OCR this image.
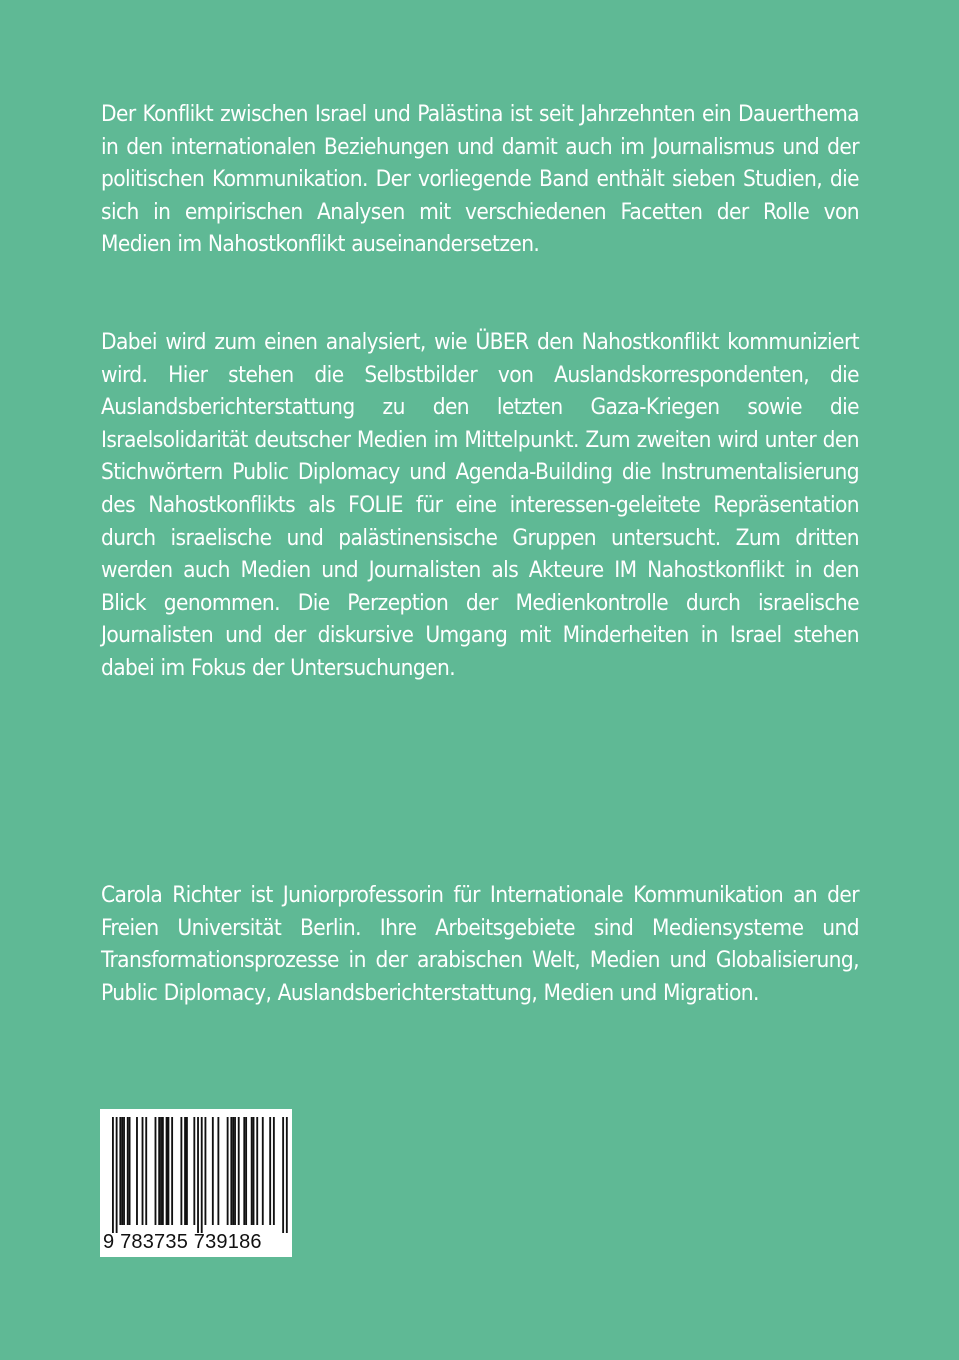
Der Konflikt zwischen Israel und Palästina ist seit Jahrzehnten ein Dauerthema in den internationalen Beziehungen und damit auch im Journalismus und der politischen Kommunikation. Der vorliegende Band enthält sieben Studien, die sich in empirischen Analysen mit verschiedenen Facetten der Rolle von Medien im Nahostkonflikt auseinandersetzen.

Dabei wird zum einen analysiert, wie ÜBER den Nahostkonflikt kommuniziert wird. Hier stehen die Selbstbilder von Auslandskorrespondenten, die Auslandsberichterstattung zu den letzten Gaza-Kriegen sowie die Israelsolidarität deutscher Medien im Mittelpunkt. Zum zweiten wird unter den Stichwörtern Public Diplomacy und Agenda-Building die Instrumentalisierung des Nahostkonflikts als FOLIE für eine interessen-geleitete Repräsentation durch israelische und palästinensische Gruppen untersucht. Zum dritten werden auch Medien und Journalisten als Akteure IM Nahostkonflikt in den Blick genommen. Die Perzeption der Medienkontrolle durch israelische Journalisten und der diskursive Umgang mit Minderheiten in Israel stehen dabei im Fokus der Untersuchungen.

Carola Richter ist Juniorprofessorin für Internationale Kommunikation an der Freien Universität Berlin. Ihre Arbeitsgebiete sind Mediensysteme und Transformationsprozesse in der arabischen Welt, Medien und Globalisierung, Public Diplomacy, Auslandsberichterstattung, Medien und Migration.

9 783735 739186
